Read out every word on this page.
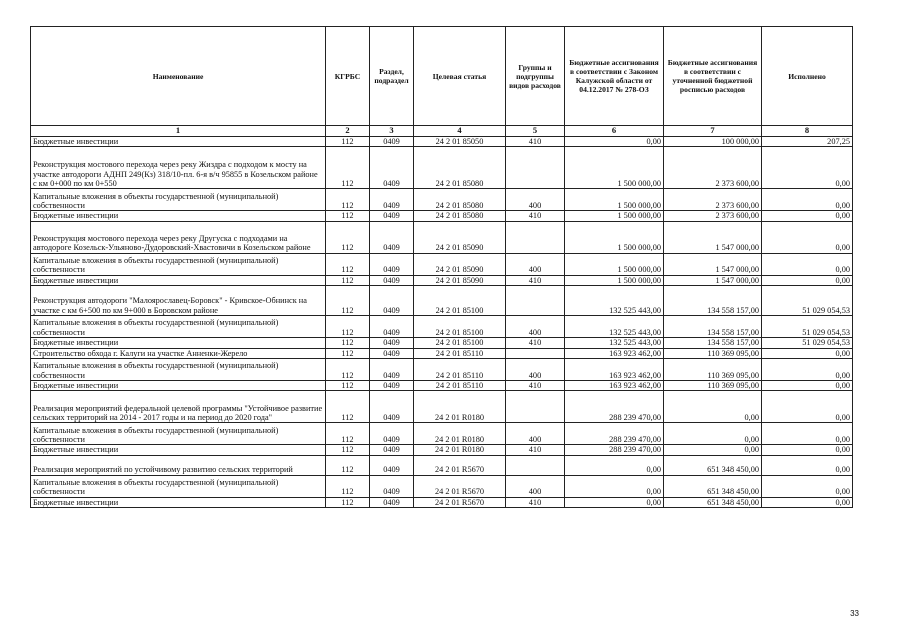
Наименование	КГРБС	Раздел, подраздел	Целевая статья	Группы и подгруппы видов расходов	Бюджетные ассигнования в соответствии с Законом Калужской области от 04.12.2017 № 278-ОЗ	Бюджетные ассигнования в соответствии с уточненной бюджетной росписью расходов	Исполнено
1	2	3	4	5	6	7	8
Бюджетные инвестиции	112	0409	24 2 01 85050	410	0,00	100 000,00	207,25
Реконструкция мостового перехода через реку Жиздра с подходом к мосту на участке автодороги АДНП 249(Кз) 318/10-пл. 6-я в/ч 95855 в Козельском районе с км 0+000 по км 0+550	112	0409	24 2 01 85080		1 500 000,00	2 373 600,00	0,00
Капитальные вложения в объекты государственной (муниципальной) собственности	112	0409	24 2 01 85080	400	1 500 000,00	2 373 600,00	0,00
Бюджетные инвестиции	112	0409	24 2 01 85080	410	1 500 000,00	2 373 600,00	0,00
Реконструкция мостового перехода через реку Другуска с подходами на автодороге Козельск-Ульяново-Дудоровский-Хвастовичи в Козельском районе	112	0409	24 2 01 85090		1 500 000,00	1 547 000,00	0,00
Капитальные вложения в объекты государственной (муниципальной) собственности	112	0409	24 2 01 85090	400	1 500 000,00	1 547 000,00	0,00
Бюджетные инвестиции	112	0409	24 2 01 85090	410	1 500 000,00	1 547 000,00	0,00
Реконструкция автодороги "Малоярославец-Боровск" - Кривское-Обнинск на участке с км 6+500 по км 9+000 в Боровском районе	112	0409	24 2 01 85100		132 525 443,00	134 558 157,00	51 029 054,53
Капитальные вложения в объекты государственной (муниципальной) собственности	112	0409	24 2 01 85100	400	132 525 443,00	134 558 157,00	51 029 054,53
Бюджетные инвестиции	112	0409	24 2 01 85100	410	132 525 443,00	134 558 157,00	51 029 054,53
Строительство обхода г. Калуги на участке Анненки-Жерело	112	0409	24 2 01 85110		163 923 462,00	110 369 095,00	0,00
Капитальные вложения в объекты государственной (муниципальной) собственности	112	0409	24 2 01 85110	400	163 923 462,00	110 369 095,00	0,00
Бюджетные инвестиции	112	0409	24 2 01 85110	410	163 923 462,00	110 369 095,00	0,00
Реализация мероприятий федеральной целевой программы "Устойчивое развитие сельских территорий на 2014 - 2017 годы и на период до 2020 года"	112	0409	24 2 01 R0180		288 239 470,00	0,00	0,00
Капитальные вложения в объекты государственной (муниципальной) собственности	112	0409	24 2 01 R0180	400	288 239 470,00	0,00	0,00
Бюджетные инвестиции	112	0409	24 2 01 R0180	410	288 239 470,00	0,00	0,00
Реализация мероприятий по устойчивому развитию сельских территорий	112	0409	24 2 01 R5670		0,00	651 348 450,00	0,00
Капитальные вложения в объекты государственной (муниципальной) собственности	112	0409	24 2 01 R5670	400	0,00	651 348 450,00	0,00
Бюджетные инвестиции	112	0409	24 2 01 R5670	410	0,00	651 348 450,00	0,00
33
